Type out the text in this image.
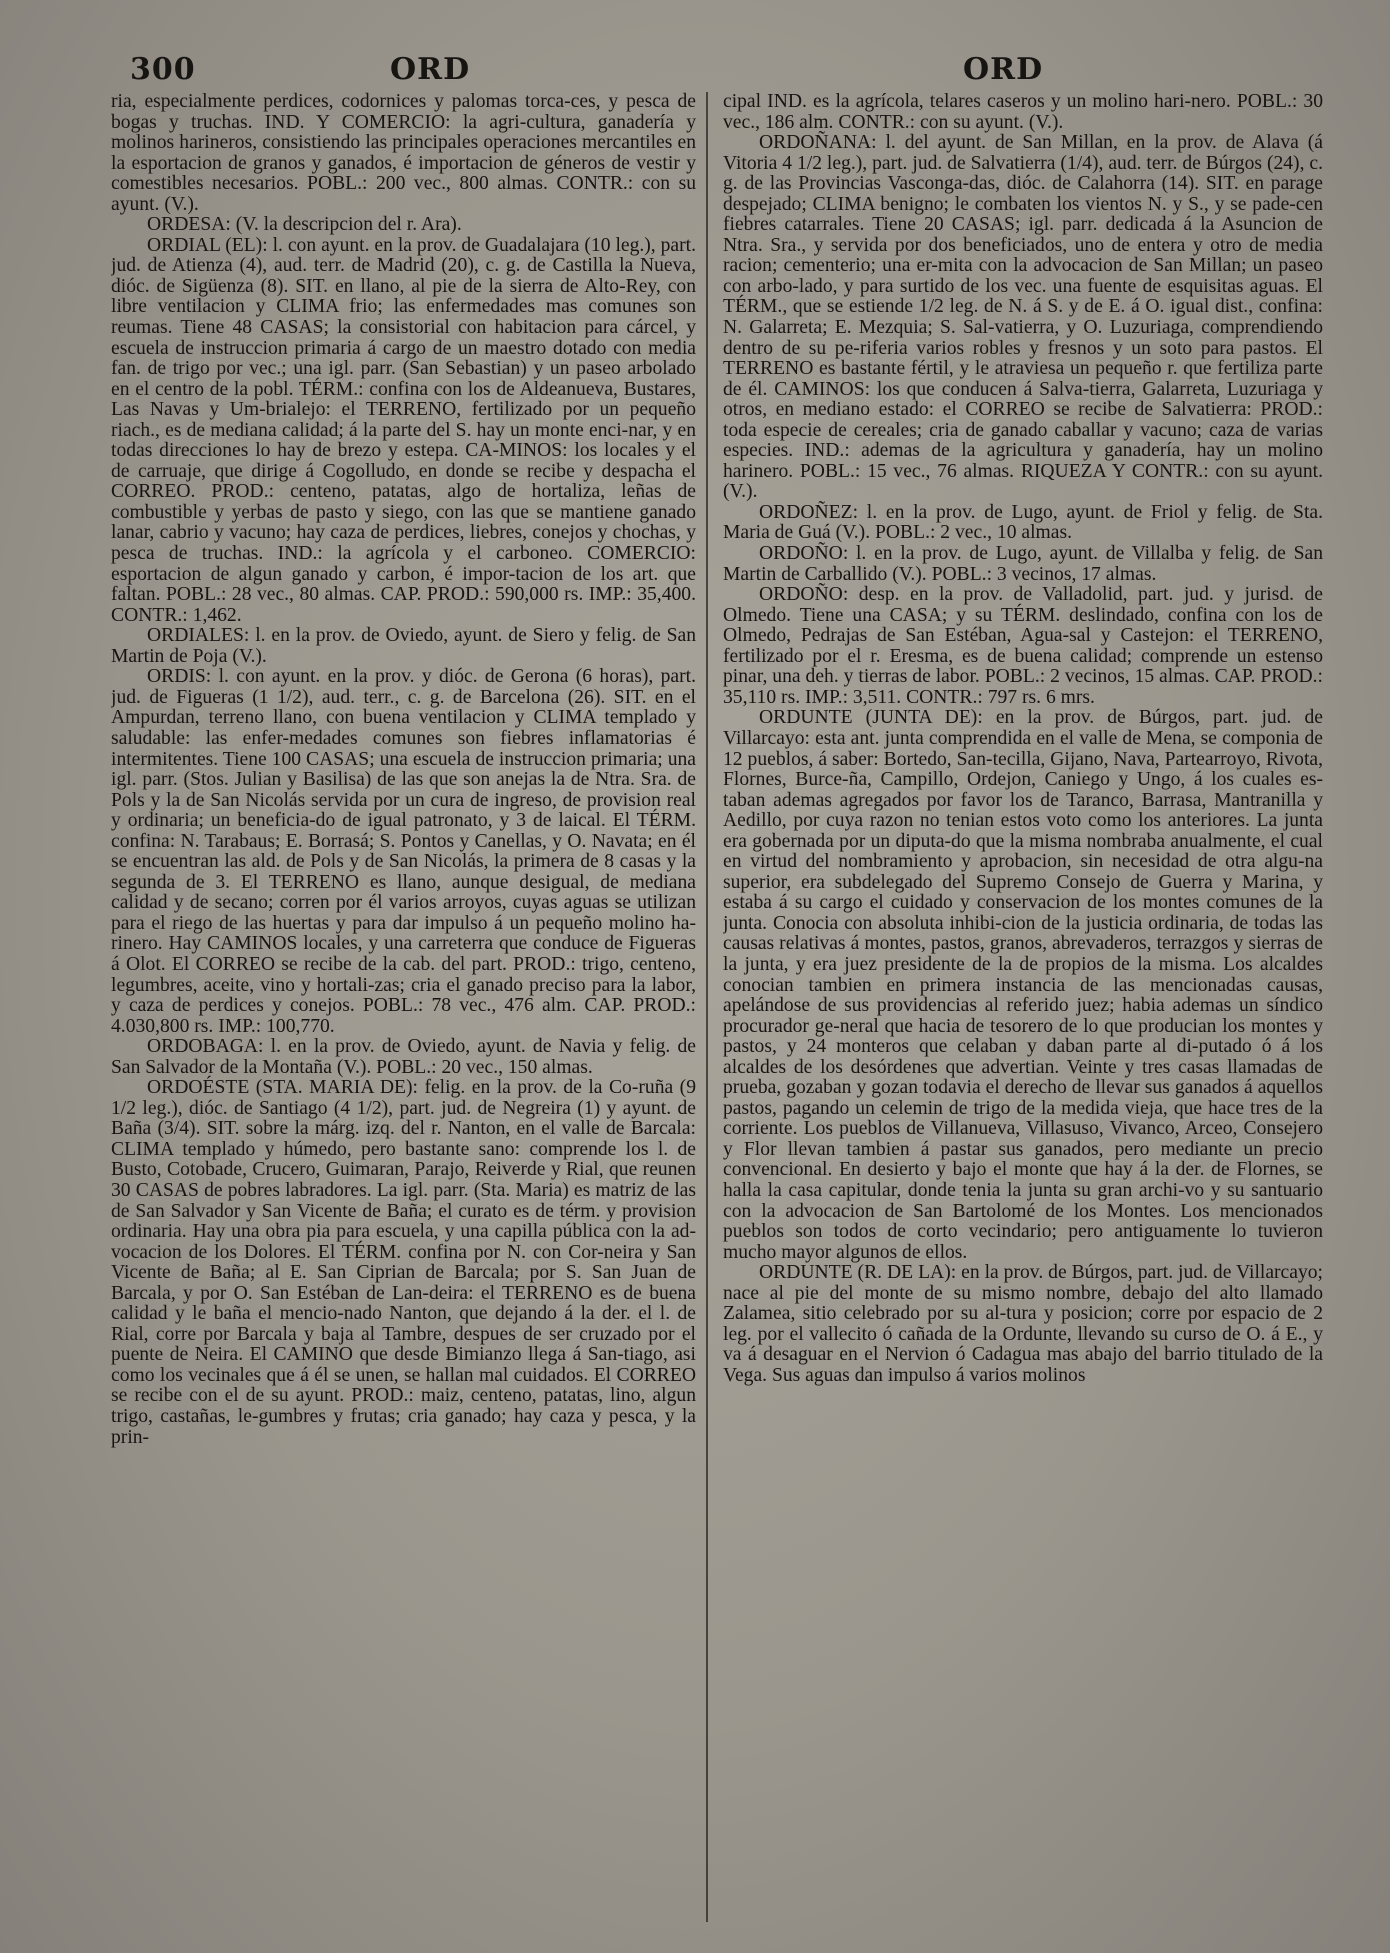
300	ORD	ORD

ria, especialmente perdices, codornices y palomas torca-ces, y pesca de bogas y truchas. IND. Y COMERCIO: la agri-cultura, ganadería y molinos harineros, consistiendo las principales operaciones mercantiles en la esportacion de granos y ganados, é importacion de géneros de vestir y comestibles necesarios. POBL.: 200 vec., 800 almas. CONTR.: con su ayunt. (V.).

ORDESA: (V. la descripcion del r. Ara).

ORDIAL (EL): l. con ayunt. en la prov. de Guadalajara (10 leg.), part. jud. de Atienza (4), aud. terr. de Madrid (20), c. g. de Castilla la Nueva, dióc. de Sigüenza (8). SIT. en llano, al pie de la sierra de Alto-Rey, con libre ventilacion y CLIMA frio; las enfermedades mas comunes son reumas. Tiene 48 CASAS; la consistorial con habitacion para cárcel, y escuela de instruccion primaria á cargo de un maestro dotado con media fan. de trigo por vec.; una igl. parr. (San Sebastian) y un paseo arbolado en el centro de la pobl. TÉRM.: confina con los de Aldeanueva, Bustares, Las Navas y Um-brialejo: el TERRENO, fertilizado por un pequeño riach., es de mediana calidad; á la parte del S. hay un monte enci-nar, y en todas direcciones lo hay de brezo y estepa. CA-MINOS: los locales y el de carruaje, que dirige á Cogolludo, en donde se recibe y despacha el CORREO. PROD.: centeno, patatas, algo de hortaliza, leñas de combustible y yerbas de pasto y siego, con las que se mantiene ganado lanar, cabrio y vacuno; hay caza de perdices, liebres, conejos y chochas, y pesca de truchas. IND.: la agrícola y el carboneo. COMERCIO: esportacion de algun ganado y carbon, é impor-tacion de los art. que faltan. POBL.: 28 vec., 80 almas. CAP. PROD.: 590,000 rs. IMP.: 35,400. CONTR.: 1,462.

ORDIALES: l. en la prov. de Oviedo, ayunt. de Siero y felig. de San Martin de Poja (V.).

ORDIS: l. con ayunt. en la prov. y dióc. de Gerona (6 horas), part. jud. de Figueras (1 1/2), aud. terr., c. g. de Barcelona (26). SIT. en el Ampurdan, terreno llano, con buena ventilacion y CLIMA templado y saludable: las enfer-medades comunes son fiebres inflamatorias é intermitentes. Tiene 100 CASAS; una escuela de instruccion primaria; una igl. parr. (Stos. Julian y Basilisa) de las que son anejas la de Ntra. Sra. de Pols y la de San Nicolás servida por un cura de ingreso, de provision real y ordinaria; un beneficia-do de igual patronato, y 3 de laical. El TÉRM. confina: N. Tarabaus; E. Borrasá; S. Pontos y Canellas, y O. Navata; en él se encuentran las ald. de Pols y de San Nicolás, la primera de 8 casas y la segunda de 3. El TERRENO es llano, aunque desigual, de mediana calidad y de secano; corren por él varios arroyos, cuyas aguas se utilizan para el riego de las huertas y para dar impulso á un pequeño molino ha-rinero. Hay CAMINOS locales, y una carreterra que conduce de Figueras á Olot. El CORREO se recibe de la cab. del part. PROD.: trigo, centeno, legumbres, aceite, vino y hortali-zas; cria el ganado preciso para la labor, y caza de perdices y conejos. POBL.: 78 vec., 476 alm. CAP. PROD.: 4.030,800 rs. IMP.: 100,770.

ORDOBAGA: l. en la prov. de Oviedo, ayunt. de Navia y felig. de San Salvador de la Montaña (V.). POBL.: 20 vec., 150 almas.

ORDOÉSTE (STA. MARIA DE): felig. en la prov. de la Co-ruña (9 1/2 leg.), dióc. de Santiago (4 1/2), part. jud. de Negreira (1) y ayunt. de Baña (3/4). SIT. sobre la márg. izq. del r. Nanton, en el valle de Barcala: CLIMA templado y húmedo, pero bastante sano: comprende los l. de Busto, Cotobade, Crucero, Guimaran, Parajo, Reiverde y Rial, que reunen 30 CASAS de pobres labradores. La igl. parr. (Sta. Maria) es matriz de las de San Salvador y San Vicente de Baña; el curato es de térm. y provision ordinaria. Hay una obra pia para escuela, y una capilla pública con la ad-vocacion de los Dolores. El TÉRM. confina por N. con Cor-neira y San Vicente de Baña; al E. San Ciprian de Barcala; por S. San Juan de Barcala, y por O. San Estéban de Lan-deira: el TERRENO es de buena calidad y le baña el mencio-nado Nanton, que dejando á la der. el l. de Rial, corre por Barcala y baja al Tambre, despues de ser cruzado por el puente de Neira. El CAMINO que desde Bimianzo llega á San-tiago, asi como los vecinales que á él se unen, se hallan mal cuidados. El CORREO se recibe con el de su ayunt. PROD.: maiz, centeno, patatas, lino, algun trigo, castañas, le-gumbres y frutas; cria ganado; hay caza y pesca, y la prin-

cipal IND. es la agrícola, telares caseros y un molino hari-nero. POBL.: 30 vec., 186 alm. CONTR.: con su ayunt. (V.).

ORDOÑANA: l. del ayunt. de San Millan, en la prov. de Alava (á Vitoria 4 1/2 leg.), part. jud. de Salvatierra (1/4), aud. terr. de Búrgos (24), c. g. de las Provincias Vasconga-das, dióc. de Calahorra (14). SIT. en parage despejado; CLIMA benigno; le combaten los vientos N. y S., y se pade-cen fiebres catarrales. Tiene 20 CASAS; igl. parr. dedicada á la Asuncion de Ntra. Sra., y servida por dos beneficiados, uno de entera y otro de media racion; cementerio; una er-mita con la advocacion de San Millan; un paseo con arbo-lado, y para surtido de los vec. una fuente de esquisitas aguas. El TÉRM., que se estiende 1/2 leg. de N. á S. y de E. á O. igual dist., confina: N. Galarreta; E. Mezquia; S. Sal-vatierra, y O. Luzuriaga, comprendiendo dentro de su pe-riferia varios robles y fresnos y un soto para pastos. El TERRENO es bastante fértil, y le atraviesa un pequeño r. que fertiliza parte de él. CAMINOS: los que conducen á Salva-tierra, Galarreta, Luzuriaga y otros, en mediano estado: el CORREO se recibe de Salvatierra: PROD.: toda especie de cereales; cria de ganado caballar y vacuno; caza de varias especies. IND.: ademas de la agricultura y ganadería, hay un molino harinero. POBL.: 15 vec., 76 almas. RIQUEZA Y CONTR.: con su ayunt. (V.).

ORDOÑEZ: l. en la prov. de Lugo, ayunt. de Friol y felig. de Sta. Maria de Guá (V.). POBL.: 2 vec., 10 almas.

ORDOÑO: l. en la prov. de Lugo, ayunt. de Villalba y felig. de San Martin de Carballido (V.). POBL.: 3 vecinos, 17 almas.

ORDOÑO: desp. en la prov. de Valladolid, part. jud. y jurisd. de Olmedo. Tiene una CASA; y su TÉRM. deslindado, confina con los de Olmedo, Pedrajas de San Estéban, Agua-sal y Castejon: el TERRENO, fertilizado por el r. Eresma, es de buena calidad; comprende un estenso pinar, una deh. y tierras de labor. POBL.: 2 vecinos, 15 almas. CAP. PROD.: 35,110 rs. IMP.: 3,511. CONTR.: 797 rs. 6 mrs.

ORDUNTE (JUNTA DE): en la prov. de Búrgos, part. jud. de Villarcayo: esta ant. junta comprendida en el valle de Mena, se componia de 12 pueblos, á saber: Bortedo, San-tecilla, Gijano, Nava, Partearroyo, Rivota, Flornes, Burce-ña, Campillo, Ordejon, Caniego y Ungo, á los cuales es-taban ademas agregados por favor los de Taranco, Barrasa, Mantranilla y Aedillo, por cuya razon no tenian estos voto como los anteriores. La junta era gobernada por un diputa-do que la misma nombraba anualmente, el cual en virtud del nombramiento y aprobacion, sin necesidad de otra algu-na superior, era subdelegado del Supremo Consejo de Guerra y Marina, y estaba á su cargo el cuidado y conservacion de los montes comunes de la junta. Conocia con absoluta inhibi-cion de la justicia ordinaria, de todas las causas relativas á montes, pastos, granos, abrevaderos, terrazgos y sierras de la junta, y era juez presidente de la de propios de la misma. Los alcaldes conocian tambien en primera instancia de las mencionadas causas, apelándose de sus providencias al referido juez; habia ademas un síndico procurador ge-neral que hacia de tesorero de lo que producian los montes y pastos, y 24 monteros que celaban y daban parte al di-putado ó á los alcaldes de los desórdenes que advertian. Veinte y tres casas llamadas de prueba, gozaban y gozan todavia el derecho de llevar sus ganados á aquellos pastos, pagando un celemin de trigo de la medida vieja, que hace tres de la corriente. Los pueblos de Villanueva, Villasuso, Vivanco, Arceo, Consejero y Flor llevan tambien á pastar sus ganados, pero mediante un precio convencional. En desierto y bajo el monte que hay á la der. de Flornes, se halla la casa capitular, donde tenia la junta su gran archi-vo y su santuario con la advocacion de San Bartolomé de los Montes. Los mencionados pueblos son todos de corto vecindario; pero antiguamente lo tuvieron mucho mayor algunos de ellos.

ORDUNTE (R. DE LA): en la prov. de Búrgos, part. jud. de Villarcayo; nace al pie del monte de su mismo nombre, debajo del alto llamado Zalamea, sitio celebrado por su al-tura y posicion; corre por espacio de 2 leg. por el vallecito ó cañada de la Ordunte, llevando su curso de O. á E., y va á desaguar en el Nervion ó Cadagua mas abajo del barrio titulado de la Vega. Sus aguas dan impulso á varios molinos
